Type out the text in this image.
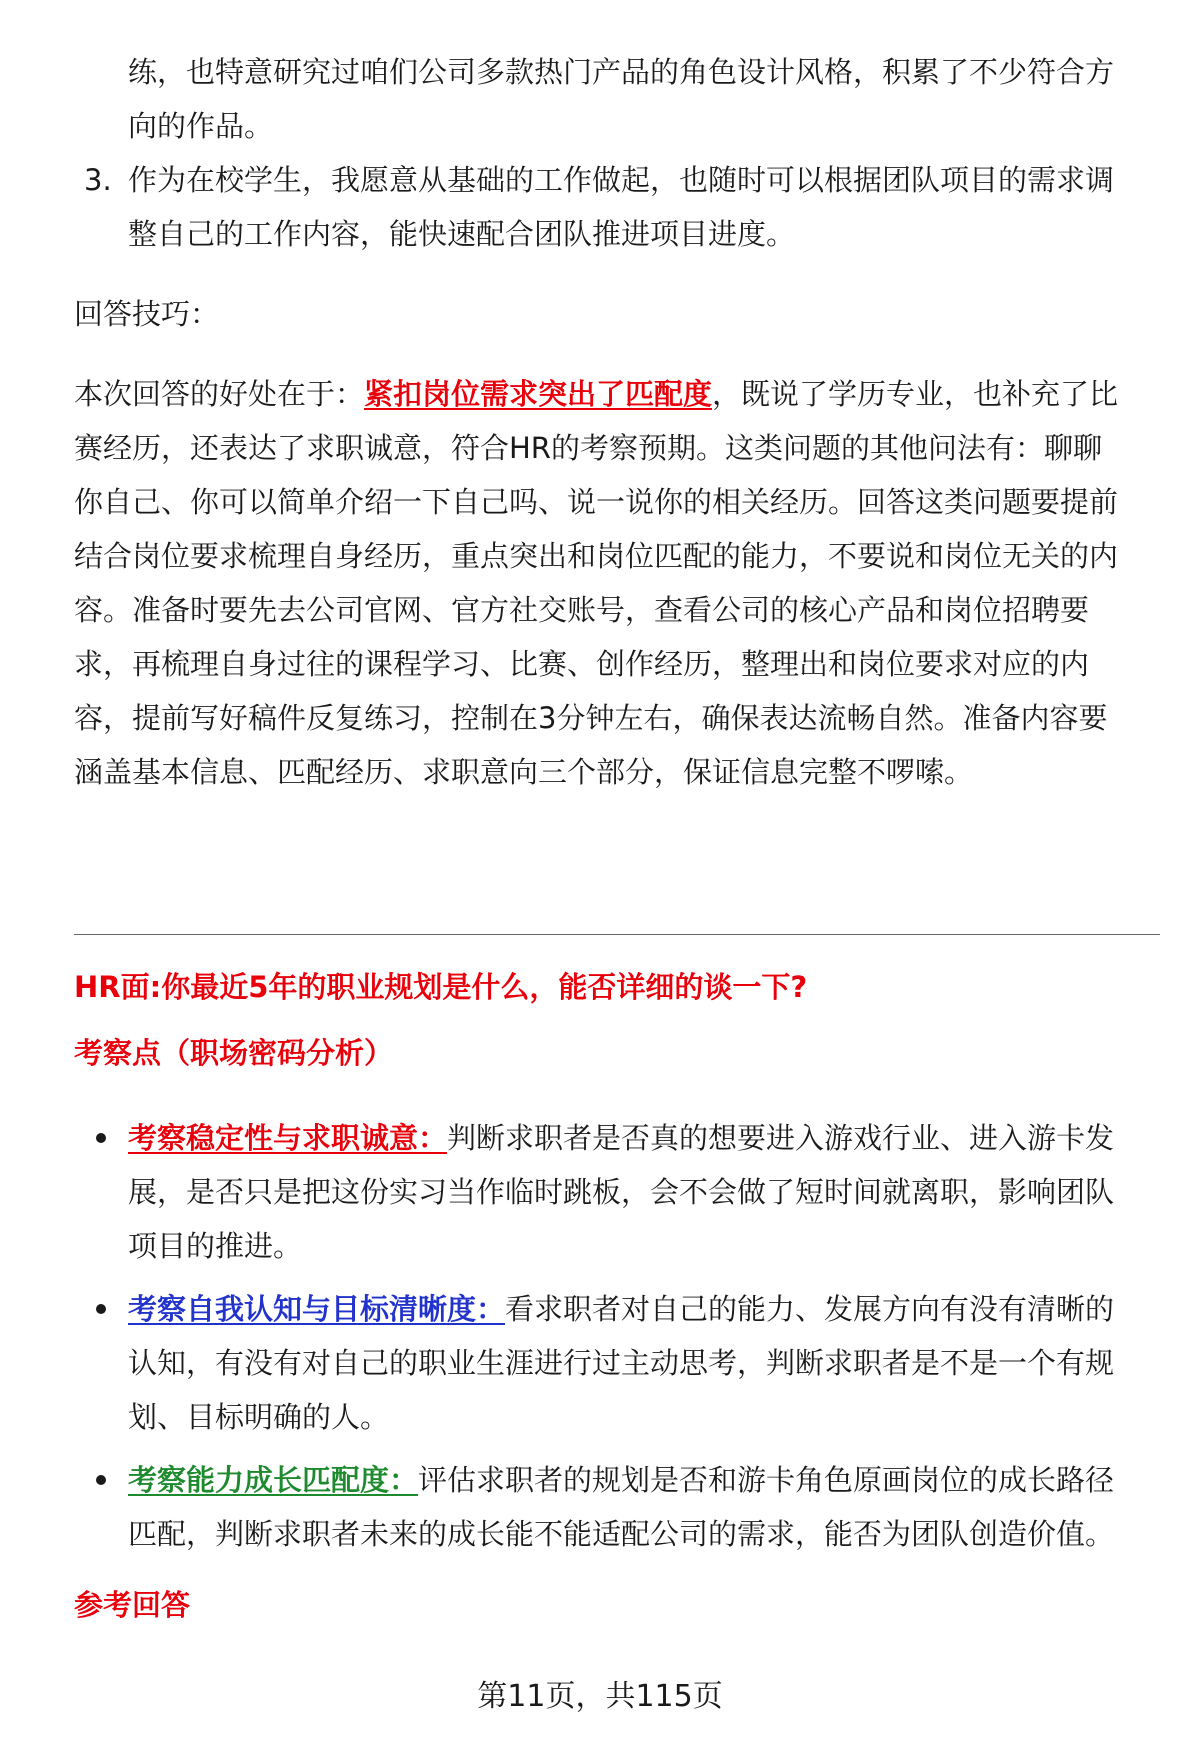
练，也特意研究过咱们公司多款热门产品的角色设计风格，积累了不少符合方
向的作品。
3. 作为在校学生，我愿意从基础的工作做起，也随时可以根据团队项目的需求调
整自己的工作内容，能快速配合团队推进项目进度。
回答技巧：
本次回答的好处在于：紧扣岗位需求突出了匹配度，既说了学历专业，也补充了比
赛经历，还表达了求职诚意，符合HR的考察预期。这类问题的其他问法有：聊聊
你自己、你可以简单介绍一下自己吗、说一说你的相关经历。回答这类问题要提前
结合岗位要求梳理自身经历，重点突出和岗位匹配的能力，不要说和岗位无关的内
容。准备时要先去公司官网、官方社交账号，查看公司的核心产品和岗位招聘要
求，再梳理自身过往的课程学习、比赛、创作经历，整理出和岗位要求对应的内
容，提前写好稿件反复练习，控制在3分钟左右，确保表达流畅自然。准备内容要
涵盖基本信息、匹配经历、求职意向三个部分，保证信息完整不啰嗦。
HR面:你最近5年的职业规划是什么，能否详细的谈一下?
考察点（职场密码分析）
考察稳定性与求职诚意：判断求职者是否真的想要进入游戏行业、进入游卡发
展，是否只是把这份实习当作临时跳板，会不会做了短时间就离职，影响团队
项目的推进。
考察自我认知与目标清晰度：看求职者对自己的能力、发展方向有没有清晰的
认知，有没有对自己的职业生涯进行过主动思考，判断求职者是不是一个有规
划、目标明确的人。
考察能力成长匹配度：评估求职者的规划是否和游卡角色原画岗位的成长路径
匹配，判断求职者未来的成长能不能适配公司的需求，能否为团队创造价值。
参考回答
第11页，共115页
